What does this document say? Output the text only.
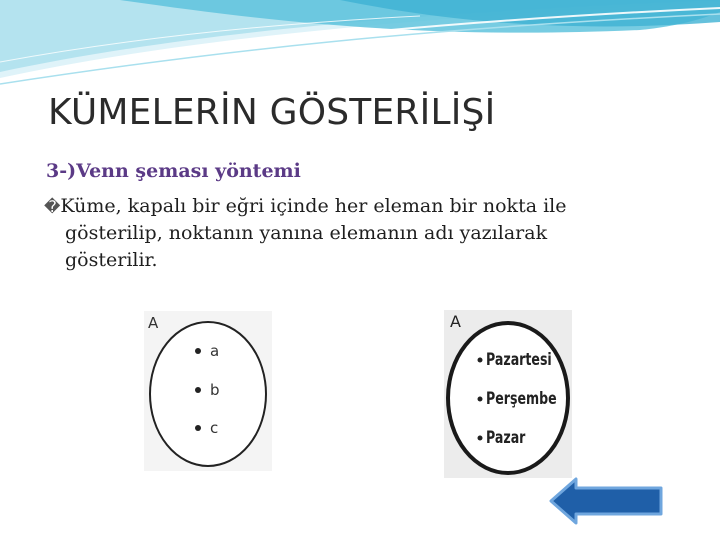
KÜMELERİN GÖSTERİLİŞİ
3-)Venn şeması yöntemi
�Küme, kapalı bir eğri içinde her eleman bir nokta ile
gösterilip, noktanın yanına elemanın adı yazılarak
gösterilir.
A
a
b
c
A
Pazartesi
Perşembe
Pazar
